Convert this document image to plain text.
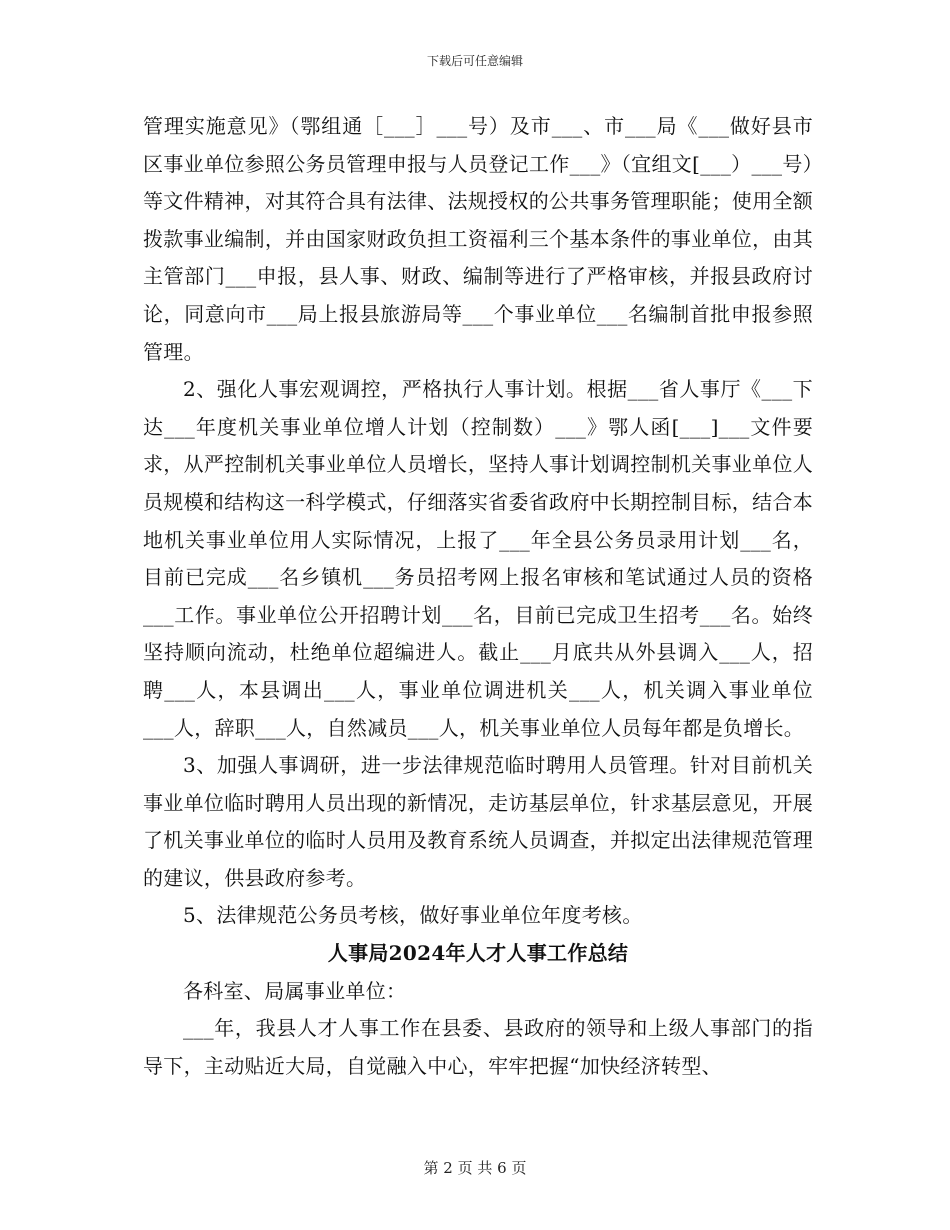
下载后可任意编辑

管理实施意见》（鄂组通［___］___号）及市___、市___局《___做好县市区事业单位参照公务员管理申报与人员登记工作___》（宜组文[___）___号）等文件精神，对其符合具有法律、法规授权的公共事务管理职能；使用全额拨款事业编制，并由国家财政负担工资福利三个基本条件的事业单位，由其主管部门___申报，县人事、财政、编制等进行了严格审核，并报县政府讨论，同意向市___局上报县旅游局等___个事业单位___名编制首批申报参照管理。

2、强化人事宏观调控，严格执行人事计划。根据___省人事厅《___下达___年度机关事业单位增人计划（控制数）___》鄂人函[___]___文件要求，从严控制机关事业单位人员增长，坚持人事计划调控制机关事业单位人员规模和结构这一科学模式，仔细落实省委省政府中长期控制目标，结合本地机关事业单位用人实际情况，上报了___年全县公务员录用计划___名，目前已完成___名乡镇机___务员招考网上报名审核和笔试通过人员的资格___工作。事业单位公开招聘计划___名，目前已完成卫生招考___名。始终坚持顺向流动，杜绝单位超编进人。截止___月底共从外县调入___人，招聘___人，本县调出___人，事业单位调进机关___人，机关调入事业单位___人，辞职___人，自然减员___人，机关事业单位人员每年都是负增长。

3、加强人事调研，进一步法律规范临时聘用人员管理。针对目前机关事业单位临时聘用人员出现的新情况，走访基层单位，针求基层意见，开展了机关事业单位的临时人员用及教育系统人员调查，并拟定出法律规范管理的建议，供县政府参考。

5、法律规范公务员考核，做好事业单位年度考核。

人事局2024年人才人事工作总结

各科室、局属事业单位：

___年，我县人才人事工作在县委、县政府的领导和上级人事部门的指导下，主动贴近大局，自觉融入中心，牢牢把握“加快经济转型、

第 2 页 共 6 页
